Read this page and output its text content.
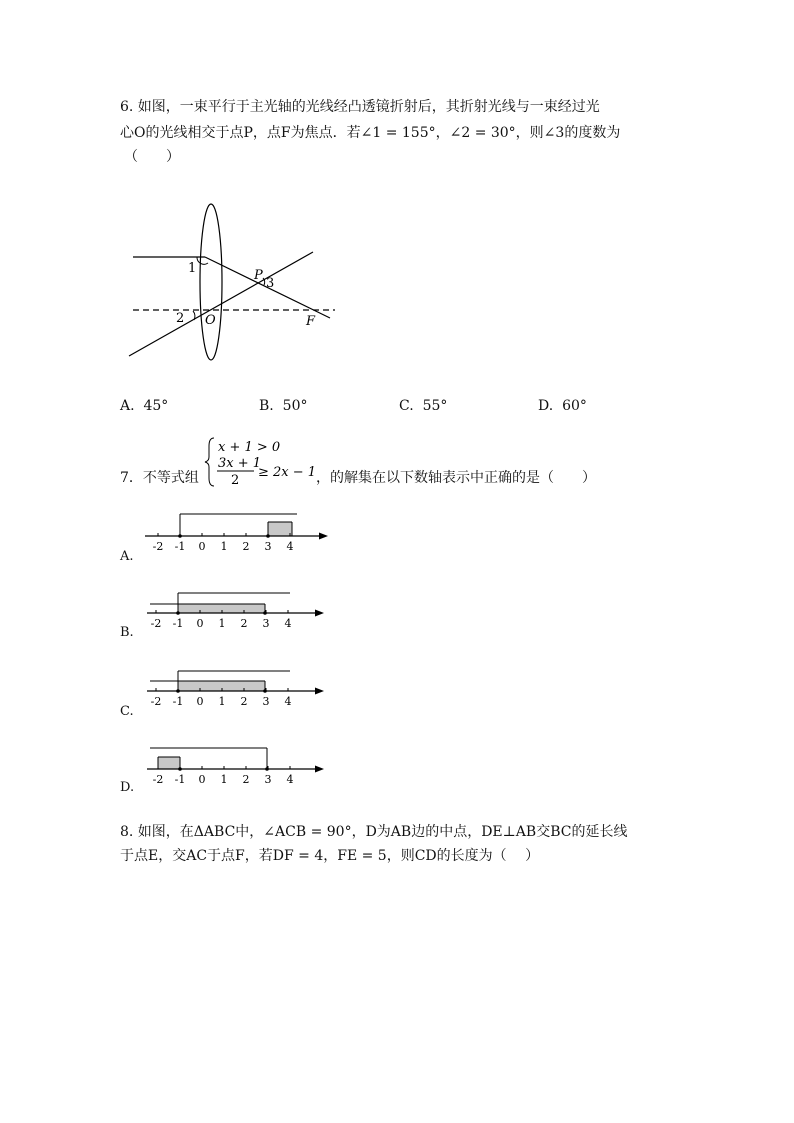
6. 如图，一束平行于主光轴的光线经凸透镜折射后，其折射光线与一束经过光
心O的光线相交于点P，点F为焦点．若∠1 = 155°，∠2 = 30°，则∠3的度数为
（　　）
1
2
3
P
O	F
A. 45°	B. 50°	C. 55°	D. 60°
7．不等式组
x + 1 > 0
3x + 1
2
≥ 2x − 1 ，的解集在以下数轴表示中正确的是（　　）
A.
B.
C.
D.
-2 -1 0 1 2 3 4
-2 -1 0 1 2 3 4
-2 -1 0 1 2 3 4
-2 -1 0 1 2 3 4
8. 如图，在ΔABC中，∠ACB = 90°，D为AB边的中点，DE⊥AB交BC的延长线
于点E，交AC于点F，若DF = 4，FE = 5，则CD的长度为（　 ）
